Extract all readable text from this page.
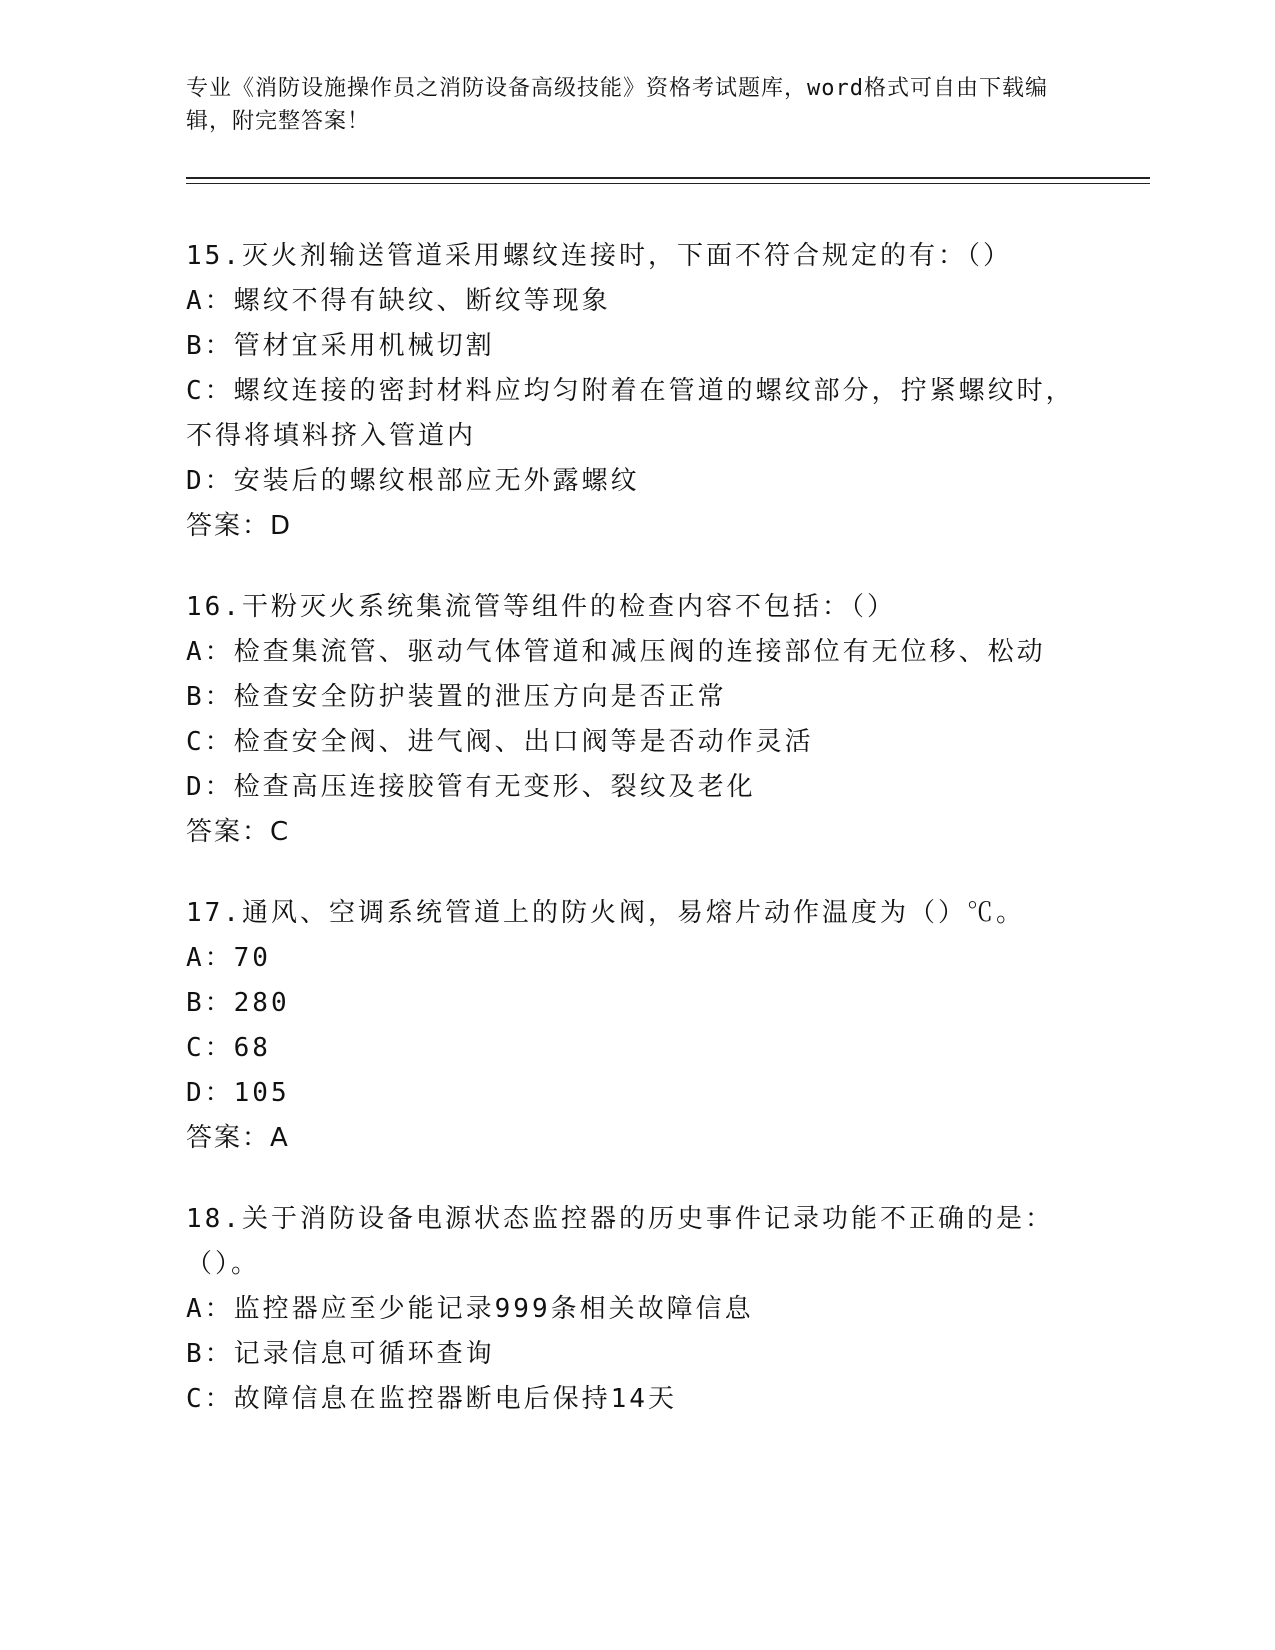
专业《消防设施操作员之消防设备高级技能》资格考试题库，word格式可自由下载编辑，附完整答案！
15.灭火剂输送管道采用螺纹连接时，下面不符合规定的有：（）
A：螺纹不得有缺纹、断纹等现象
B：管材宜采用机械切割
C：螺纹连接的密封材料应均匀附着在管道的螺纹部分，拧紧螺纹时，不得将填料挤入管道内
D：安装后的螺纹根部应无外露螺纹
答案：D
16.干粉灭火系统集流管等组件的检查内容不包括：（）
A：检查集流管、驱动气体管道和减压阀的连接部位有无位移、松动
B：检查安全防护装置的泄压方向是否正常
C：检查安全阀、进气阀、出口阀等是否动作灵活
D：检查高压连接胶管有无变形、裂纹及老化
答案：C
17.通风、空调系统管道上的防火阀，易熔片动作温度为（）℃。
A：70
B：280
C：68
D：105
答案：A
18.关于消防设备电源状态监控器的历史事件记录功能不正确的是：（）。
A：监控器应至少能记录999条相关故障信息
B：记录信息可循环查询
C：故障信息在监控器断电后保持14天
